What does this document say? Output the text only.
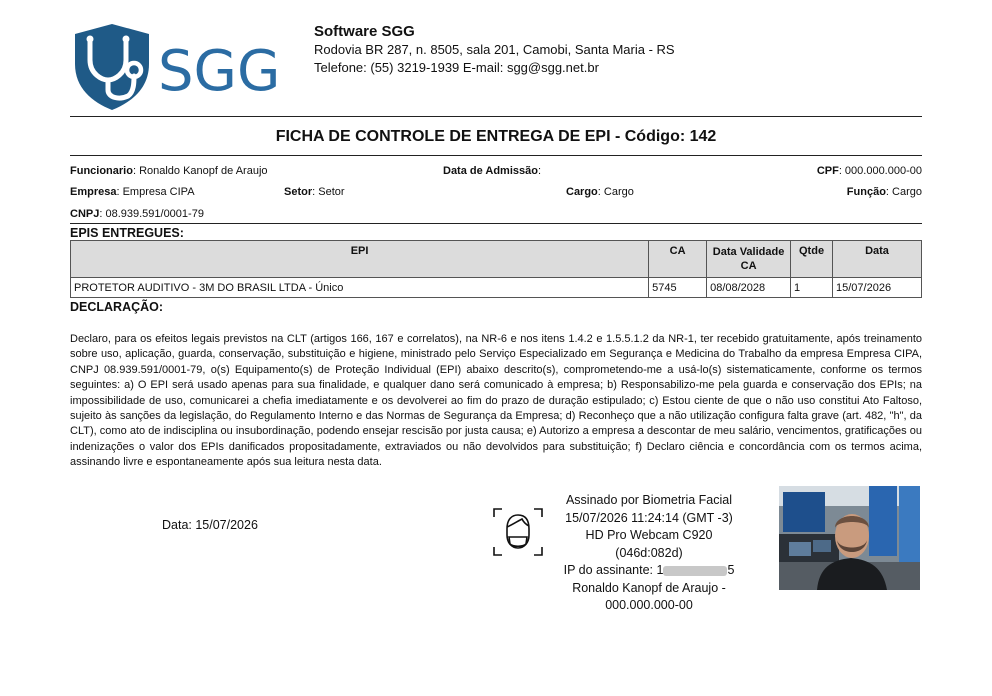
SGG
Software SGG
Rodovia BR 287, n. 8505, sala 201, Camobi, Santa Maria - RS
Telefone: (55) 3219-1939 E-mail: sgg@sgg.net.br
FICHA DE CONTROLE DE ENTREGA DE EPI - Código: 142
Funcionario: Ronaldo Kanopf de Araujo	Data de Admissão:	CPF: 000.000.000-00
Empresa: Empresa CIPA	Setor: Setor	Cargo: Cargo	Função: Cargo
CNPJ: 08.939.591/0001-79
EPIS ENTREGUES:
EPI	CA	Data Validade CA	Qtde	Data
PROTETOR AUDITIVO - 3M DO BRASIL LTDA - Único	5745	08/08/2028	1	15/07/2026
DECLARAÇÃO:
Declaro, para os efeitos legais previstos na CLT (artigos 166, 167 e correlatos), na NR-6 e nos itens 1.4.2 e 1.5.5.1.2 da NR-1, ter recebido gratuitamente, após treinamento sobre uso, aplicação, guarda, conservação, substituição e higiene, ministrado pelo Serviço Especializado em Segurança e Medicina do Trabalho da empresa Empresa CIPA, CNPJ 08.939.591/0001-79, o(s) Equipamento(s) de Proteção Individual (EPI) abaixo descrito(s), comprometendo-me a usá-lo(s) sistematicamente, conforme os termos seguintes: a) O EPI será usado apenas para sua finalidade, e qualquer dano será comunicado à empresa; b) Responsabilizo-me pela guarda e conservação dos EPIs; na impossibilidade de uso, comunicarei a chefia imediatamente e os devolverei ao fim do prazo de duração estipulado; c) Estou ciente de que o não uso constitui Ato Faltoso, sujeito às sanções da legislação, do Regulamento Interno e das Normas de Segurança da Empresa; d) Reconheço que a não utilização configura falta grave (art. 482, "h", da CLT), como ato de indisciplina ou insubordinação, podendo ensejar rescisão por justa causa; e) Autorizo a empresa a descontar de meu salário, vencimentos, gratificações ou indenizações o valor dos EPIs danificados propositadamente, extraviados ou não devolvidos para substituição; f) Declaro ciência e concordância com os termos acima, assinando livre e espontaneamente após sua leitura nesta data.
Data: 15/07/2026
Assinado por Biometria Facial
15/07/2026 11:24:14 (GMT -3)
HD Pro Webcam C920
(046d:082d)
IP do assinante: 1	5
Ronaldo Kanopf de Araujo -
000.000.000-00
